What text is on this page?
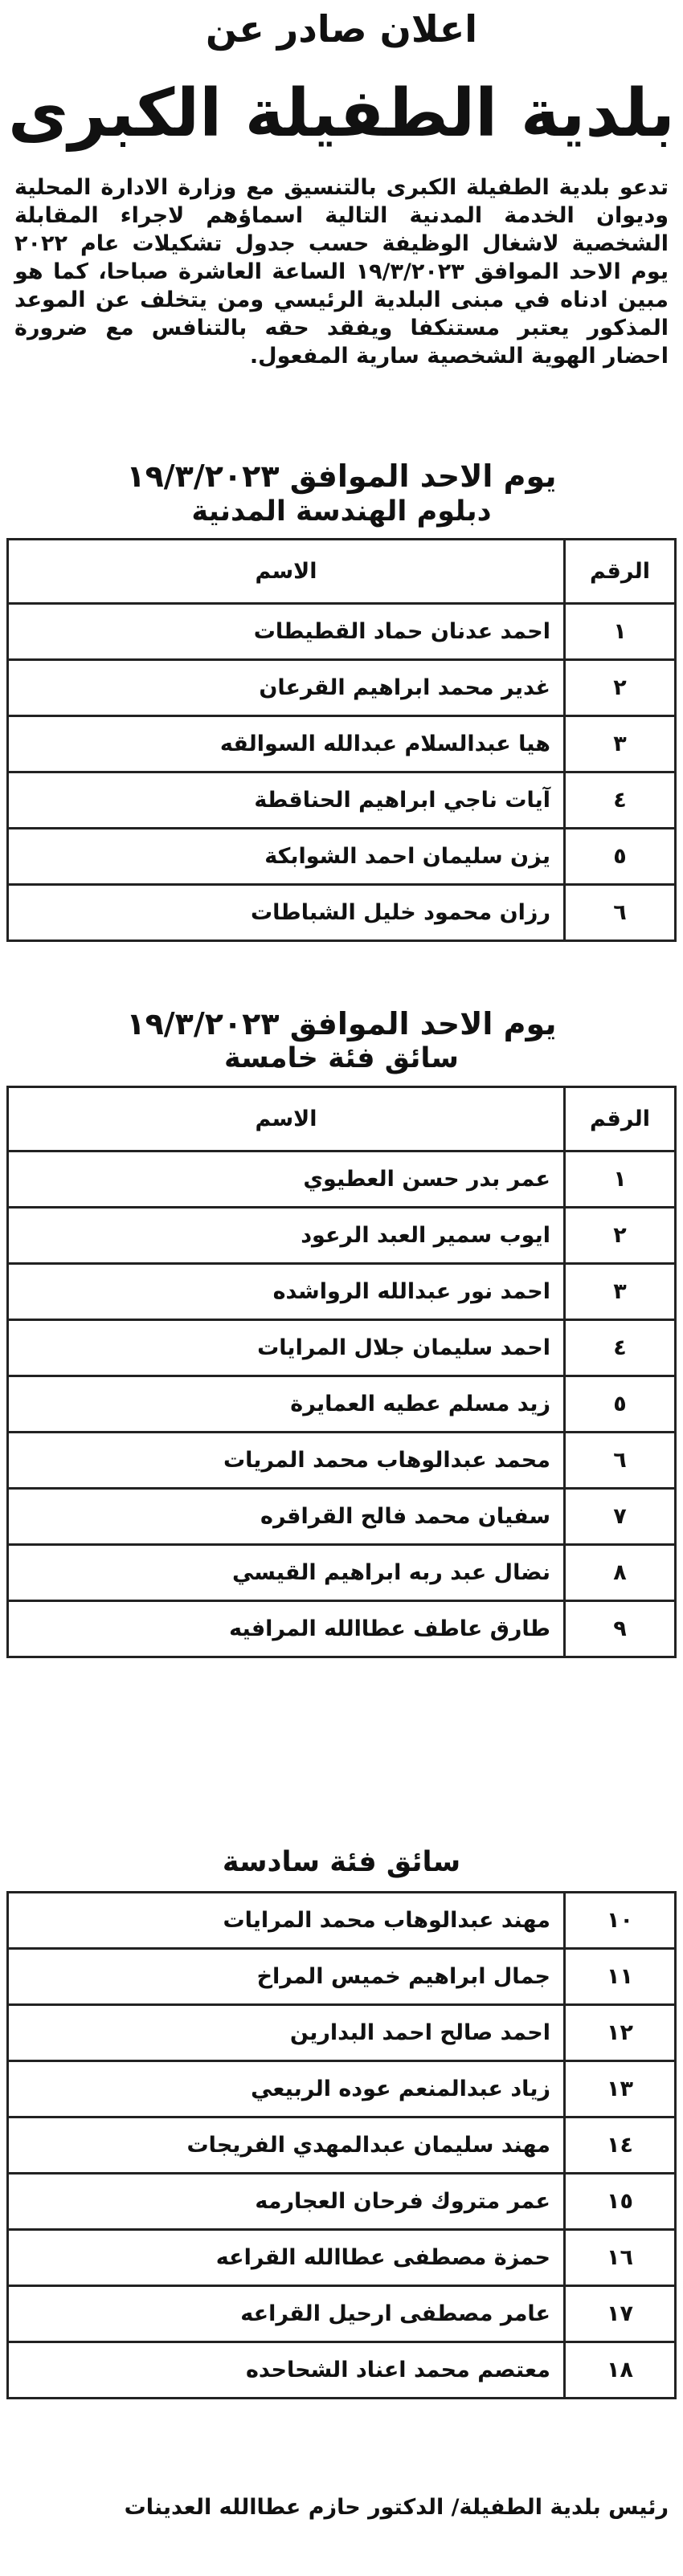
اعلان صادر عن
بلدية الطفيلة الكبرى
تدعو بلدية الطفيلة الكبرى بالتنسيق مع وزارة الادارة المحلية وديوان الخدمة المدنية التالية اسماؤهم لاجراء المقابلة الشخصية لاشغال الوظيفة حسب جدول تشكيلات عام ٢٠٢٢ يوم الاحد الموافق ١٩/٣/٢٠٢٣ الساعة العاشرة صباحا، كما هو مبين ادناه في مبنى البلدية الرئيسي ومن يتخلف عن الموعد المذكور يعتبر مستنكفا ويفقد حقه بالتنافس مع ضرورة احضار الهوية الشخصية سارية المفعول.
يوم الاحد الموافق ١٩/٣/٢٠٢٣
دبلوم الهندسة المدنية
الرقم	الاسم
١	احمد عدنان حماد القطيطات
٢	غدير محمد ابراهيم القرعان
٣	هيا عبدالسلام عبدالله السوالقه
٤	آيات ناجي ابراهيم الحناقطة
٥	يزن سليمان احمد الشوابكة
٦	رزان محمود خليل الشباطات
يوم الاحد الموافق ١٩/٣/٢٠٢٣
سائق فئة خامسة
الرقم	الاسم
١	عمر بدر حسن العطيوي
٢	ايوب سمير العبد الرعود
٣	احمد نور عبدالله الرواشده
٤	احمد سليمان جلال المرايات
٥	زيد مسلم عطيه العمايرة
٦	محمد عبدالوهاب محمد المريات
٧	سفيان محمد فالح القراقره
٨	نضال عبد ربه ابراهيم القيسي
٩	طارق عاطف عطاالله المرافيه
سائق فئة سادسة
١٠	مهند عبدالوهاب محمد المرايات
١١	جمال ابراهيم خميس المراخ
١٢	احمد صالح احمد البدارين
١٣	زياد عبدالمنعم عوده الربيعي
١٤	مهند سليمان عبدالمهدي الفريجات
١٥	عمر متروك فرحان العجارمه
١٦	حمزة مصطفى عطاالله القراعه
١٧	عامر مصطفى ارحيل القراعه
١٨	معتصم محمد اعناد الشحاحده
رئيس بلدية الطفيلة/ الدكتور حازم عطاالله العدينات
